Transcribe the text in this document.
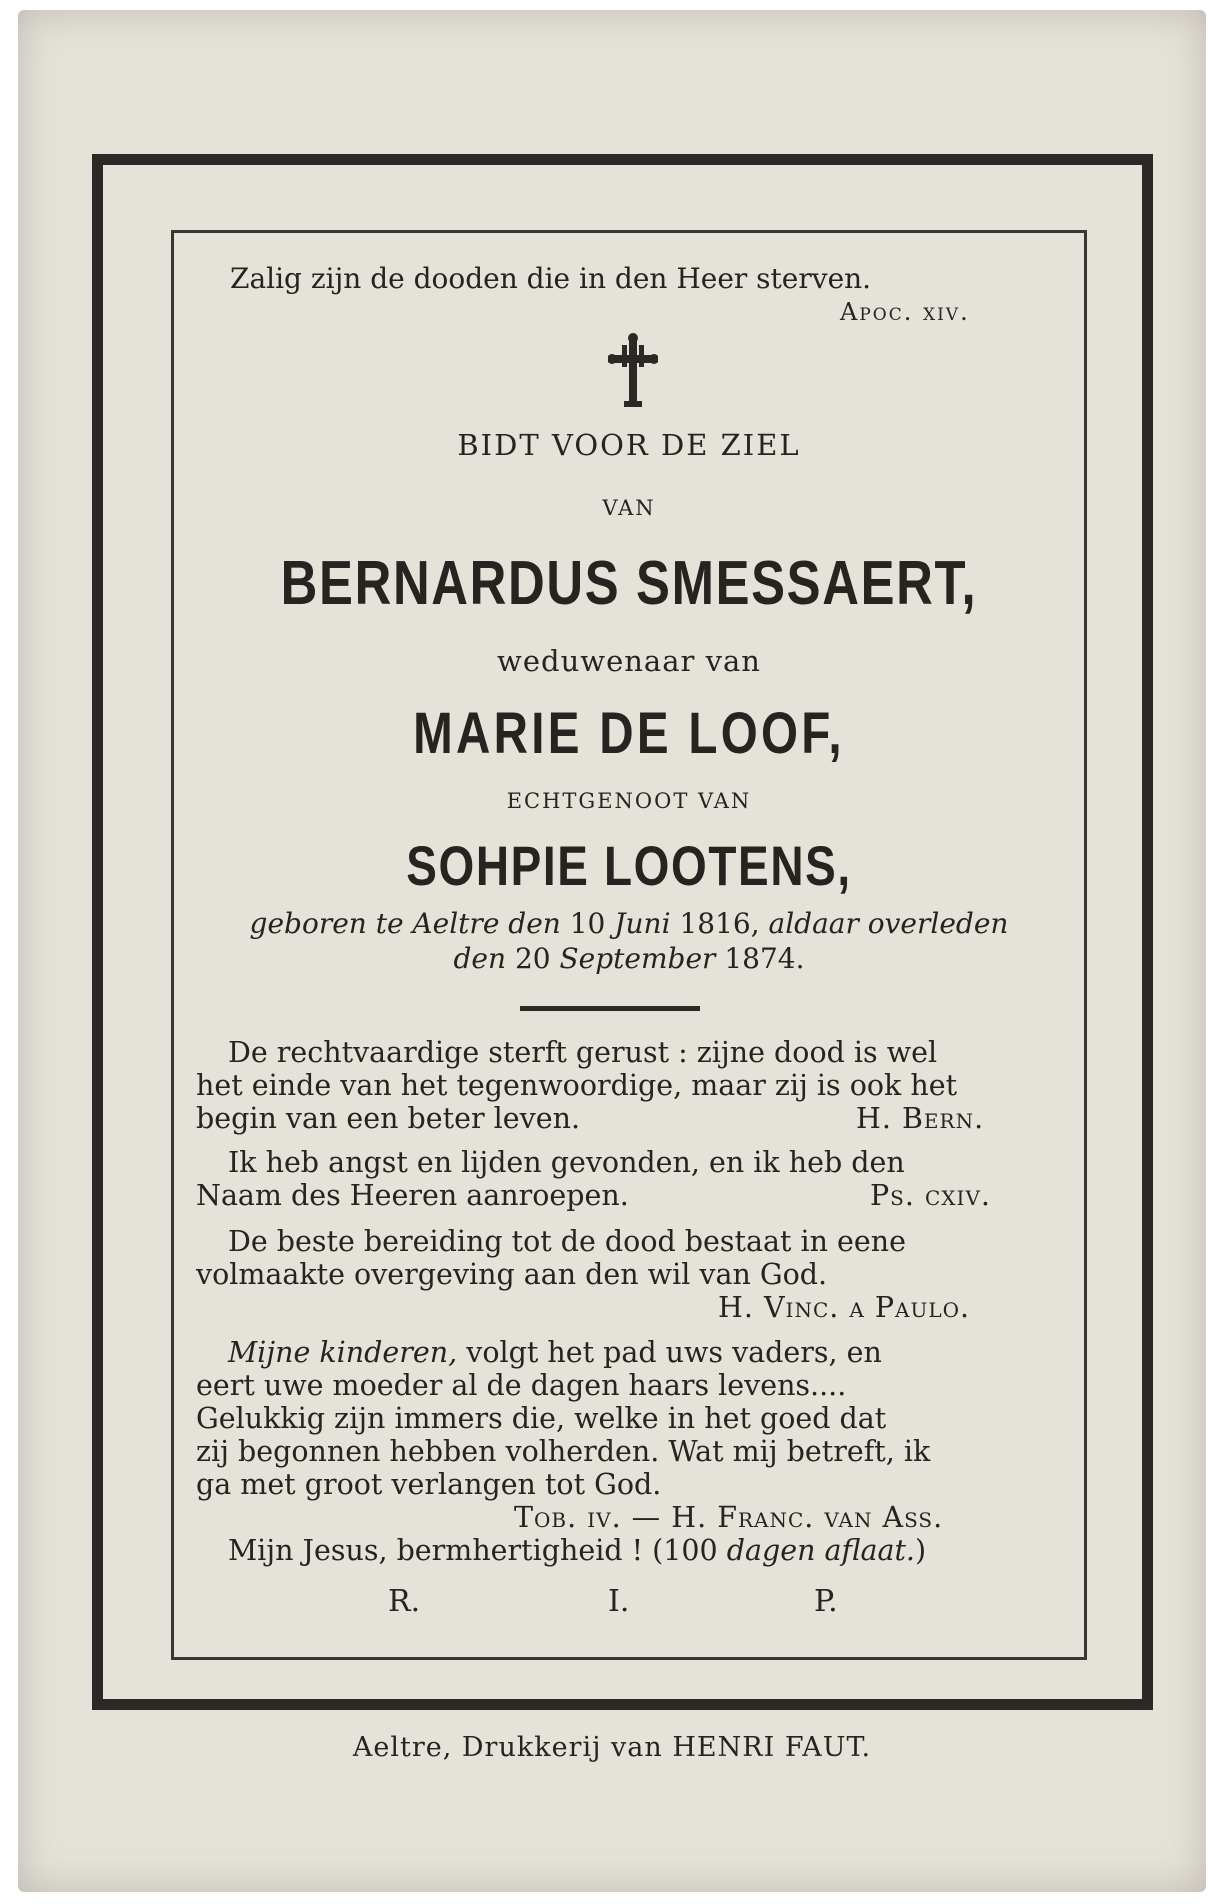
Zalig zijn de dooden die in den Heer sterven.
Apoc. xiv.
BIDT VOOR DE ZIEL
VAN
BERNARDUS SMESSAERT,
weduwenaar van
MARIE DE LOOF,
ECHTGENOOT VAN
SOHPIE LOOTENS,
geboren te Aeltre den 10 Juni 1816, aldaar overleden
den 20 September 1874.
De rechtvaardige sterft gerust : zijne dood is wel
het einde van het tegenwoordige, maar zij is ook het
begin van een beter leven.	H. Bern.
Ik heb angst en lijden gevonden, en ik heb den
Naam des Heeren aanroepen.	Ps. cxiv.
De beste bereiding tot de dood bestaat in eene
volmaakte overgeving aan den wil van God.
H. Vinc. a Paulo.
Mijne kinderen, volgt het pad uws vaders, en
eert uwe moeder al de dagen haars levens....
Gelukkig zijn immers die, welke in het goed dat
zij begonnen hebben volherden. Wat mij betreft, ik
ga met groot verlangen tot God.
Tob. iv. — H. Franc. van Ass.
Mijn Jesus, bermhertigheid ! (100 dagen aflaat.)
R.	I.	P.
Aeltre, Drukkerij van HENRI FAUT.
